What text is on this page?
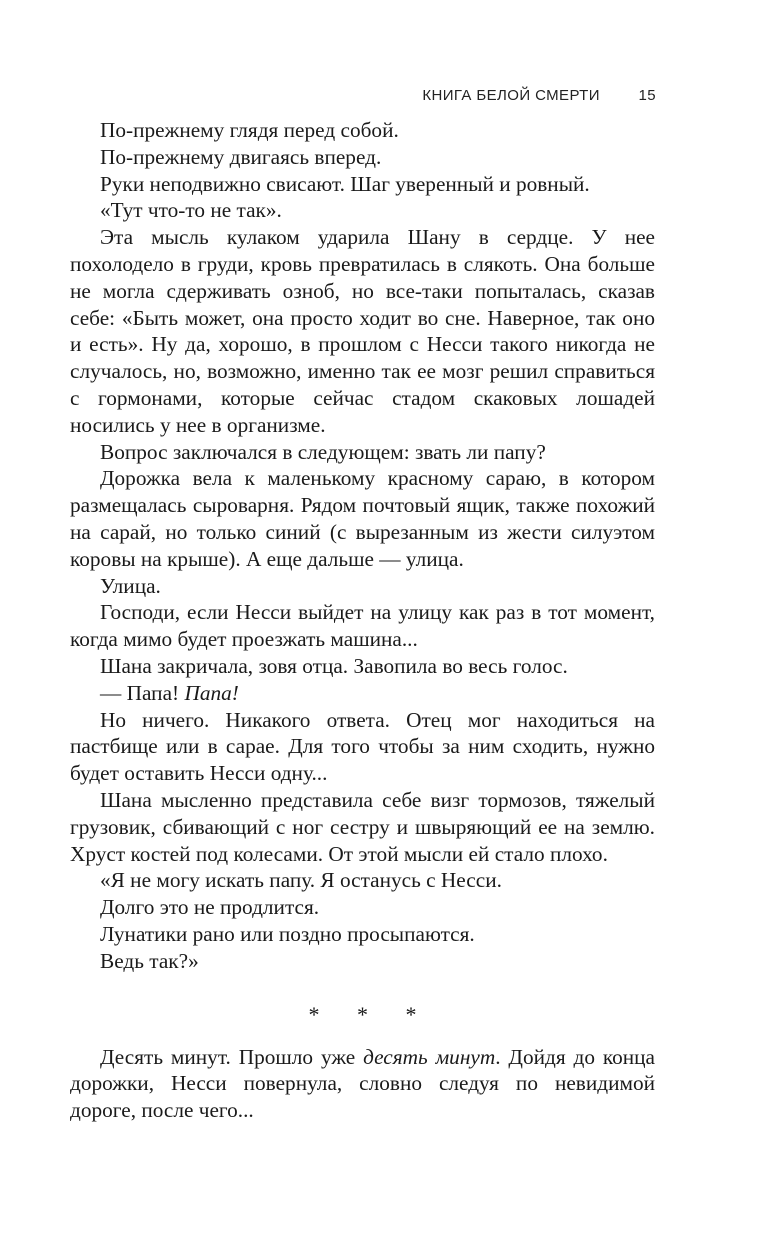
КНИГА БЕЛОЙ СМЕРТИ	15

По-прежнему глядя перед собой.

По-прежнему двигаясь вперед.

Руки неподвижно свисают. Шаг уверенный и ровный.

«Тут что-то не так».

Эта мысль кулаком ударила Шану в сердце. У нее похолодело в груди, кровь превратилась в слякоть. Она больше не могла сдерживать озноб, но все-таки попыталась, сказав себе: «Быть может, она просто ходит во сне. Наверное, так оно и есть». Ну да, хорошо, в прошлом с Несси такого никогда не случалось, но, возможно, именно так ее мозг решил справиться с гормонами, которые сейчас стадом скаковых лошадей носились у нее в организме.

Вопрос заключался в следующем: звать ли папу?

Дорожка вела к маленькому красному сараю, в котором размещалась сыроварня. Рядом почтовый ящик, также похожий на сарай, но только синий (с вырезанным из жести силуэтом коровы на крыше). А еще дальше — улица.

Улица.

Господи, если Несси выйдет на улицу как раз в тот момент, когда мимо будет проезжать машина...

Шана закричала, зовя отца. Завопила во весь голос.

— Папа! Папа!

Но ничего. Никакого ответа. Отец мог находиться на пастбище или в сарае. Для того чтобы за ним сходить, нужно будет оставить Несси одну...

Шана мысленно представила себе визг тормозов, тяжелый грузовик, сбивающий с ног сестру и швыряющий ее на землю. Хруст костей под колесами. От этой мысли ей стало плохо.

«Я не могу искать папу. Я останусь с Несси.

Долго это не продлится.

Лунатики рано или поздно просыпаются.

Ведь так?»

* * *

Десять минут. Прошло уже десять минут. Дойдя до конца дорожки, Несси повернула, словно следуя по невидимой дороге, после чего...
